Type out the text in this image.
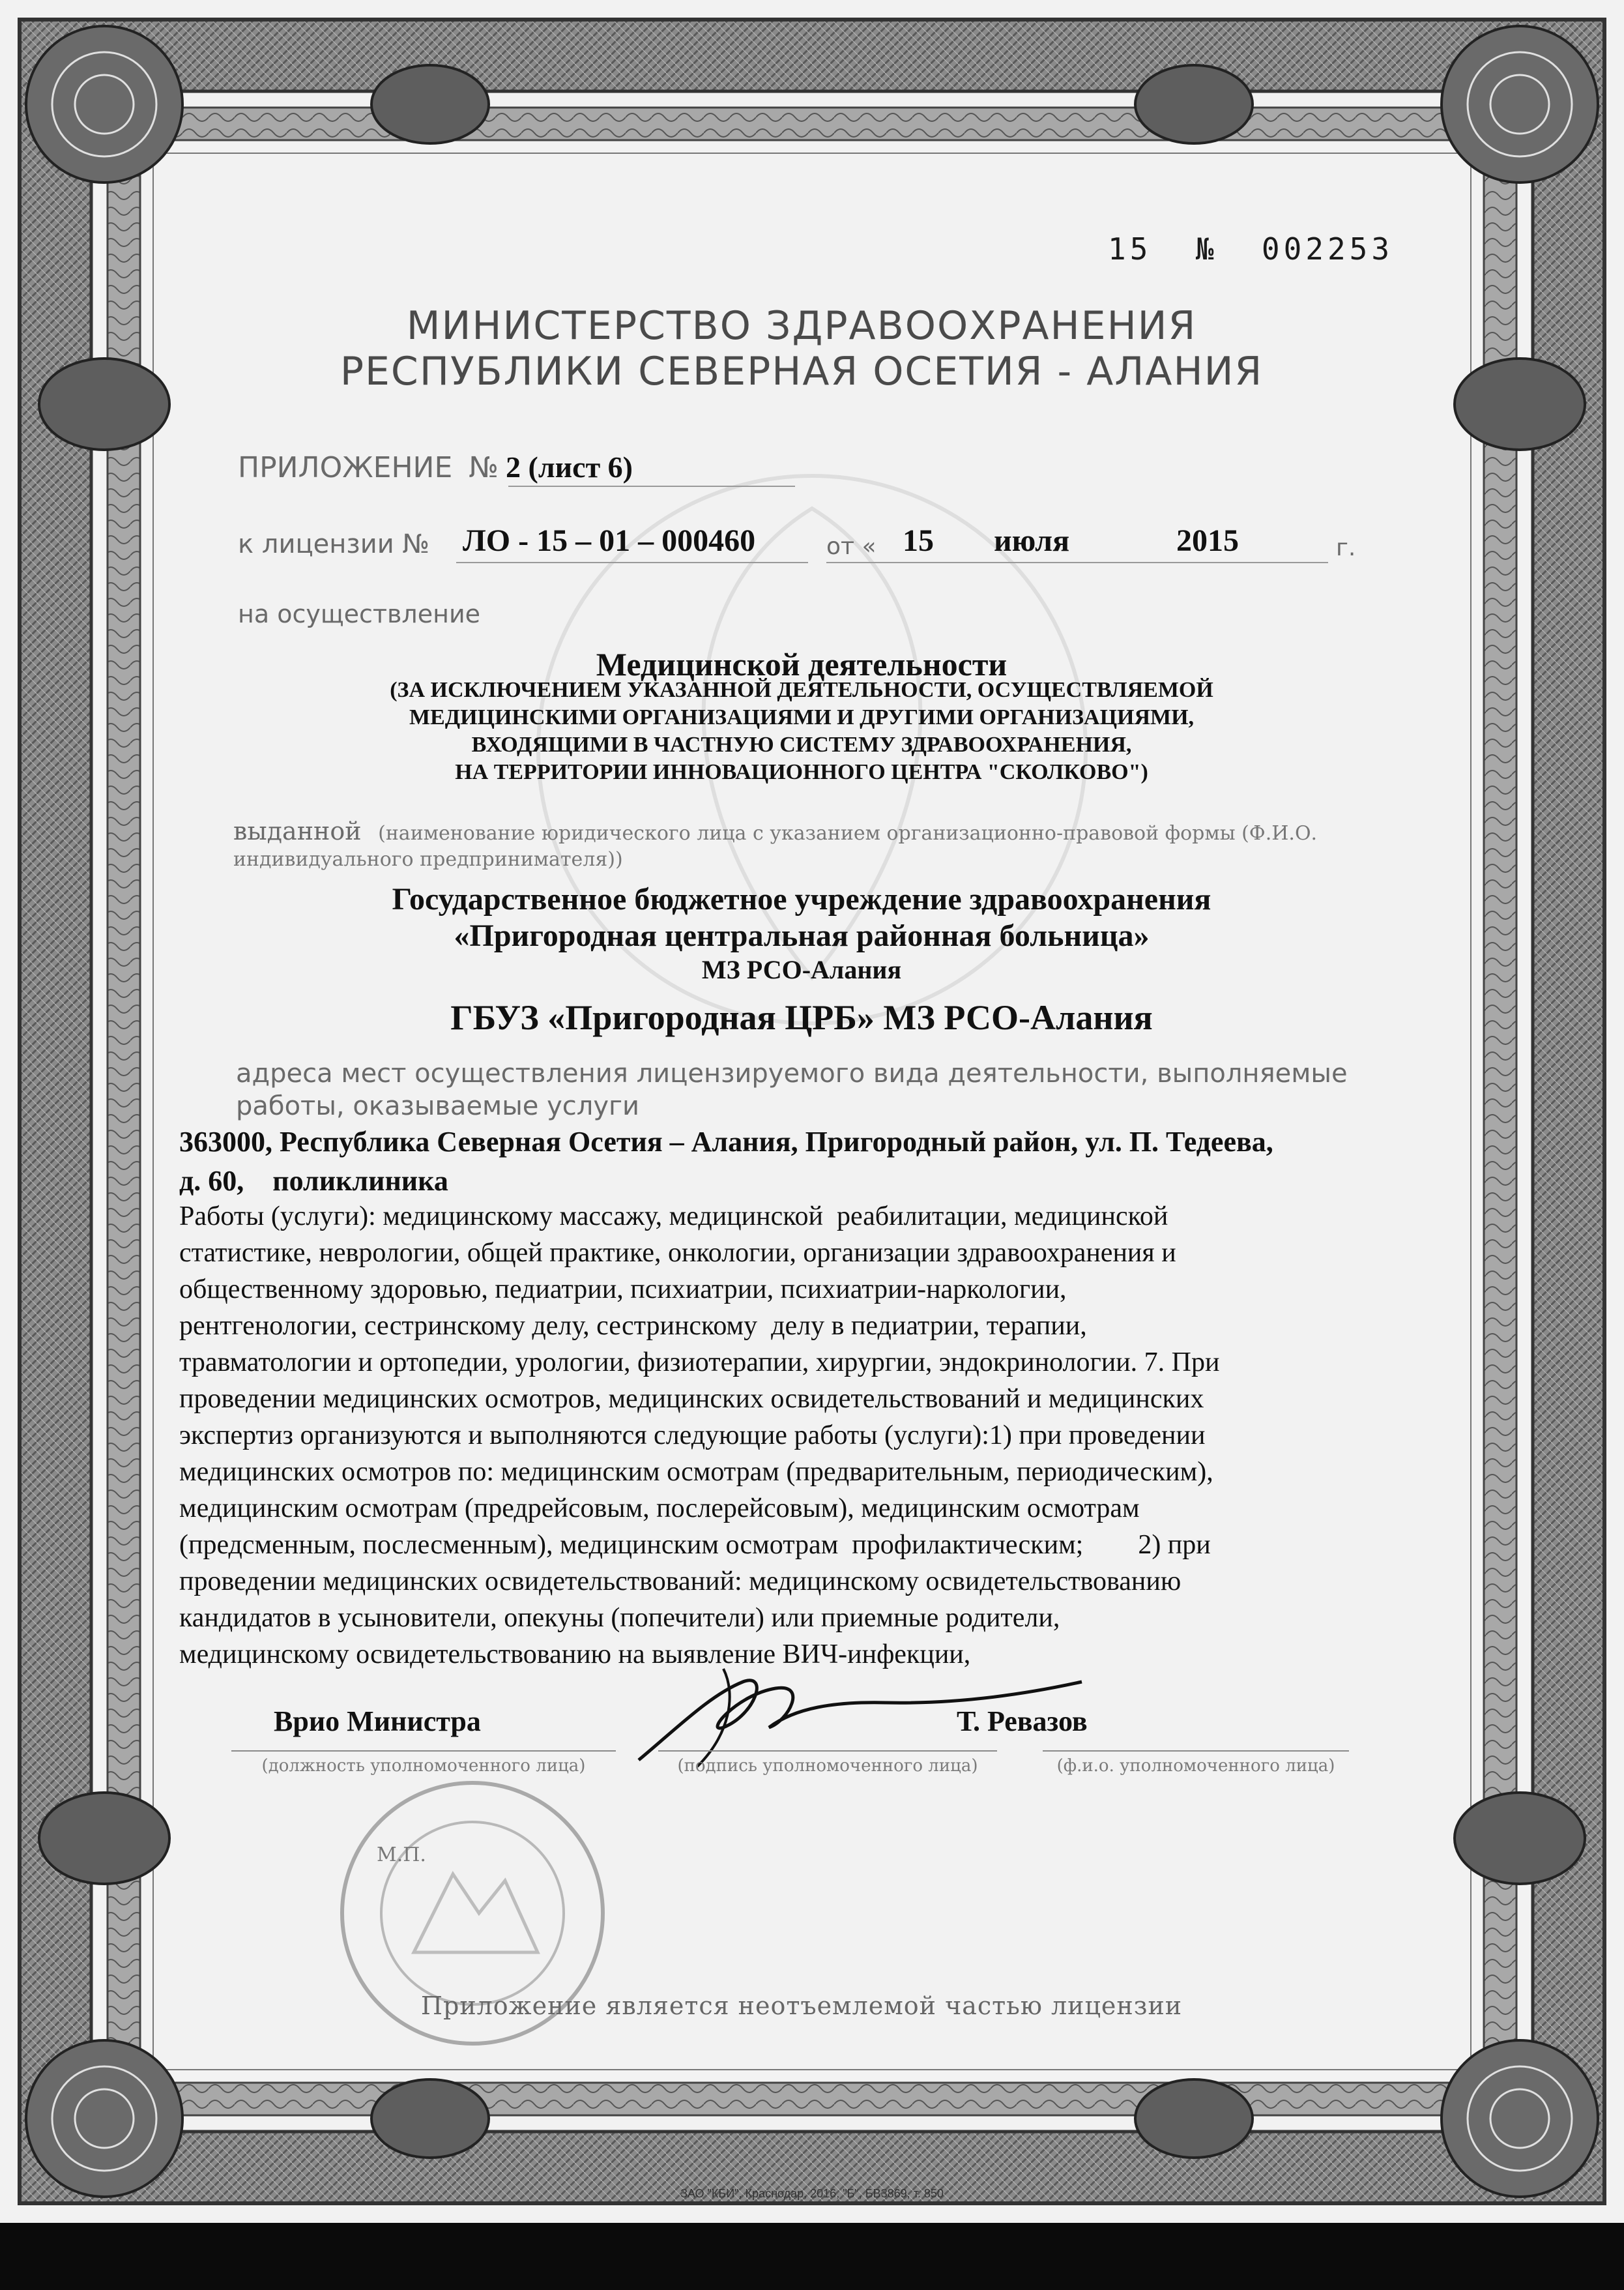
15 № 002253
МИНИСТЕРСТВО ЗДРАВООХРАНЕНИЯ
РЕСПУБЛИКИ СЕВЕРНАЯ ОСЕТИЯ - АЛАНИЯ
ПРИЛОЖЕНИЕ № 2 (лист 6)
к лицензии № ЛО - 15 – 01 – 000460	от « 15 июля	2015	г.
на осуществление
Медицинской деятельности
(ЗА ИСКЛЮЧЕНИЕМ УКАЗАННОЙ ДЕЯТЕЛЬНОСТИ, ОСУЩЕСТВЛЯЕМОЙ
МЕДИЦИНСКИМИ ОРГАНИЗАЦИЯМИ И ДРУГИМИ ОРГАНИЗАЦИЯМИ,
ВХОДЯЩИМИ В ЧАСТНУЮ СИСТЕМУ ЗДРАВООХРАНЕНИЯ,
НА ТЕРРИТОРИИ ИННОВАЦИОННОГО ЦЕНТРА "СКОЛКОВО")
выданной (наименование юридического лица с указанием организационно-правовой формы (Ф.И.О.
индивидуального предпринимателя))
Государственное бюджетное учреждение здравоохранения
«Пригородная центральная районная больница»
МЗ РСО-Алания
ГБУЗ «Пригородная ЦРБ» МЗ РСО-Алания
адреса мест осуществления лицензируемого вида деятельности, выполняемые
работы, оказываемые услуги
363000, Республика Северная Осетия – Алания, Пригородный район, ул. П. Тедеева,
д. 60,    поликлиника
Работы (услуги): медицинскому массажу, медицинской  реабилитации, медицинской
статистике, неврологии, общей практике, онкологии, организации здравоохранения и
общественному здоровью, педиатрии, психиатрии, психиатрии-наркологии,
рентгенологии, сестринскому делу, сестринскому  делу в педиатрии, терапии,
травматологии и ортопедии, урологии, физиотерапии, хирургии, эндокринологии. 7. При
проведении медицинских осмотров, медицинских освидетельствований и медицинских
экспертиз организуются и выполняются следующие работы (услуги):1) при проведении
медицинских осмотров по: медицинским осмотрам (предварительным, периодическим),
медицинским осмотрам (предрейсовым, послерейсовым), медицинским осмотрам
(предсменным, послесменным), медицинским осмотрам  профилактическим;        2) при
проведении медицинских освидетельствований: медицинскому освидетельствованию
кандидатов в усыновители, опекуны (попечители) или приемные родители,
медицинскому освидетельствованию на выявление ВИЧ-инфекции,
Врио Министра	Т. Ревазов
(должность уполномоченного лица)	(подпись уполномоченного лица)	(ф.и.о. уполномоченного лица)
М.П.
Приложение является неотъемлемой частью лицензии
ЗАО "КБИ", Краснодар, 2016, "Б", БВ3869, т. 850
